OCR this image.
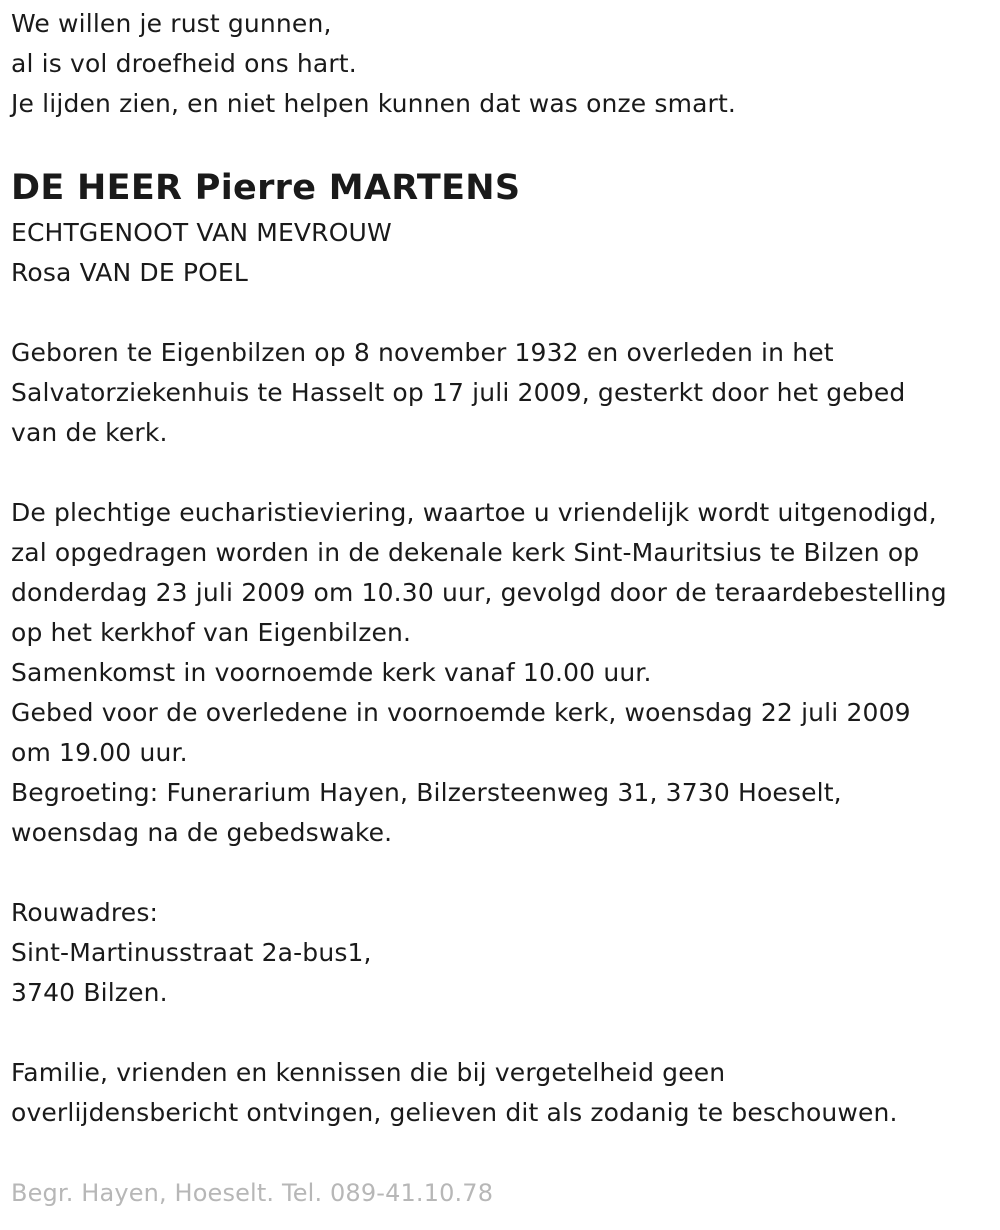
We willen je rust gunnen,
al is vol droefheid ons hart.
Je lijden zien, en niet helpen kunnen dat was onze smart.
DE HEER Pierre MARTENS
ECHTGENOOT VAN MEVROUW
Rosa VAN DE POEL
Geboren te Eigenbilzen op 8 november 1932 en overleden in het
Salvatorziekenhuis te Hasselt op 17 juli 2009, gesterkt door het gebed
van de kerk.
De plechtige eucharistieviering, waartoe u vriendelijk wordt uitgenodigd,
zal opgedragen worden in de dekenale kerk Sint-Mauritsius te Bilzen op
donderdag 23 juli 2009 om 10.30 uur, gevolgd door de teraardebestelling
op het kerkhof van Eigenbilzen.
Samenkomst in voornoemde kerk vanaf 10.00 uur.
Gebed voor de overledene in voornoemde kerk, woensdag 22 juli 2009
om 19.00 uur.
Begroeting: Funerarium Hayen, Bilzersteenweg 31, 3730 Hoeselt,
woensdag na de gebedswake.
Rouwadres:
Sint-Martinusstraat 2a-bus1,
3740 Bilzen.
Familie, vrienden en kennissen die bij vergetelheid geen
overlijdensbericht ontvingen, gelieven dit als zodanig te beschouwen.
Begr. Hayen, Hoeselt. Tel. 089-41.10.78
